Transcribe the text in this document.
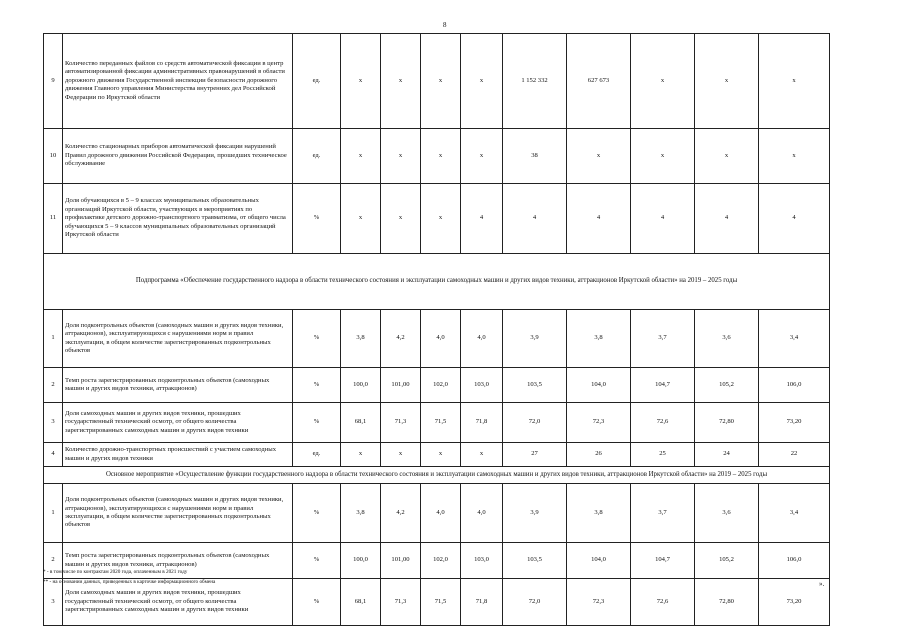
8
9	Количество переданных файлов со средств автоматической фиксации в центр автоматизированной фиксации административных правонарушений в области дорожного движения Государственной инспекции безопасности дорожного движения Главного управления Министерства внутренних дел Российской Федерации по Иркутской области	ед.	x	x	x	x	1 152 332	627 673	x	x	x
10	Количество стационарных приборов автоматической фиксации нарушений Правил дорожного движения Российской Федерации, прошедших техническое обслуживание	ед.	x	x	x	x	38	x	x	x	x
11	Доля обучающихся в 5 – 9 классах муниципальных образовательных организаций Иркутской области, участвующих в мероприятиях по профилактике детского дорожно-транспортного травматизма, от общего числа обучающихся 5 – 9 классов муниципальных образовательных организаций Иркутской области	%	x	x	x	4	4	4	4	4	4
Подпрограмма «Обеспечение государственного надзора в области технического состояния и эксплуатации самоходных машин и других видов техники, аттракционов Иркутской области» на 2019 – 2025 годы											
1	Доля подконтрольных объектов (самоходных машин и других видов техники, аттракционов), эксплуатирующихся с нарушениями норм и правил эксплуатации, в общем количестве зарегистрированных подконтрольных объектов	%	3,8	4,2	4,0	4,0	3,9	3,8	3,7	3,6	3,4
2	Темп роста зарегистрированных подконтрольных объектов (самоходных машин и других видов техники, аттракционов)	%	100,0	101,00	102,0	103,0	103,5	104,0	104,7	105,2	106,0
3	Доля самоходных машин и других видов техники, прошедших государственный технический осмотр, от общего количества зарегистрированных самоходных машин и других видов техники	%	68,1	71,3	71,5	71,8	72,0	72,3	72,6	72,80	73,20
4	Количество дорожно-транспортных происшествий с участием самоходных машин и других видов техники	ед.	x	x	x	x	27	26	25	24	22
Основное мероприятие «Осуществление функции государственного надзора в области технического состояния и эксплуатации самоходных машин и других видов техники, аттракционов Иркутской области» на 2019 – 2025 годы											
1	Доля подконтрольных объектов (самоходных машин и других видов техники, аттракционов), эксплуатирующихся с нарушениями норм и правил эксплуатации, в общем количестве зарегистрированных подконтрольных объектов	%	3,8	4,2	4,0	4,0	3,9	3,8	3,7	3,6	3,4
2	Темп роста зарегистрированных подконтрольных объектов (самоходных машин и других видов техники, аттракционов)	%	100,0	101,00	102,0	103,0	103,5	104,0	104,7	105,2	106,0
3	Доля самоходных машин и других видов техники, прошедших государственный технический осмотр, от общего количества зарегистрированных самоходных машин и других видов техники	%	68,1	71,3	71,5	71,8	72,0	72,3	72,6	72,80	73,20
* - в том числе по контрактам 2020 года, оплаченным в 2021 году
** - на основании данных, приведенных в карточке информационного обмена	».
